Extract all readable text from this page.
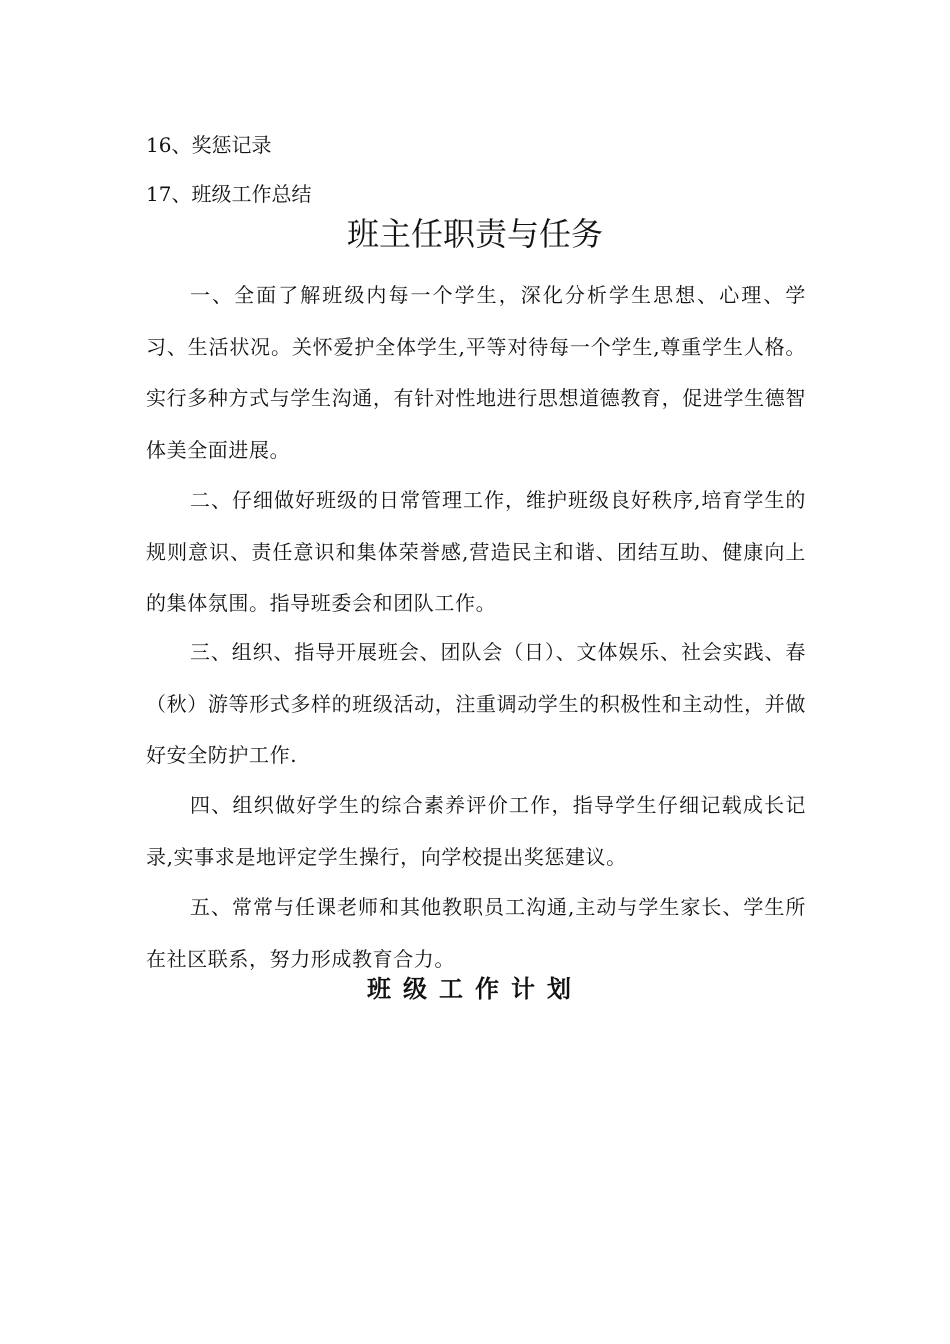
16、奖惩记录
17、班级工作总结
班主任职责与任务

一、全面了解班级内每一个学生，深化分析学生思想、心理、学习、生活状况。关怀爱护全体学生,平等对待每一个学生,尊重学生人格。实行多种方式与学生沟通，有针对性地进行思想道德教育，促进学生德智体美全面进展。

二、仔细做好班级的日常管理工作，维护班级良好秩序,培育学生的规则意识、责任意识和集体荣誉感,营造民主和谐、团结互助、健康向上的集体氛围。指导班委会和团队工作。

三、组织、指导开展班会、团队会（日）、文体娱乐、社会实践、春（秋）游等形式多样的班级活动，注重调动学生的积极性和主动性，并做好安全防护工作.

四、组织做好学生的综合素养评价工作，指导学生仔细记载成长记录,实事求是地评定学生操行，向学校提出奖惩建议。

五、常常与任课老师和其他教职员工沟通,主动与学生家长、学生所在社区联系，努力形成教育合力。

班级工作计划
